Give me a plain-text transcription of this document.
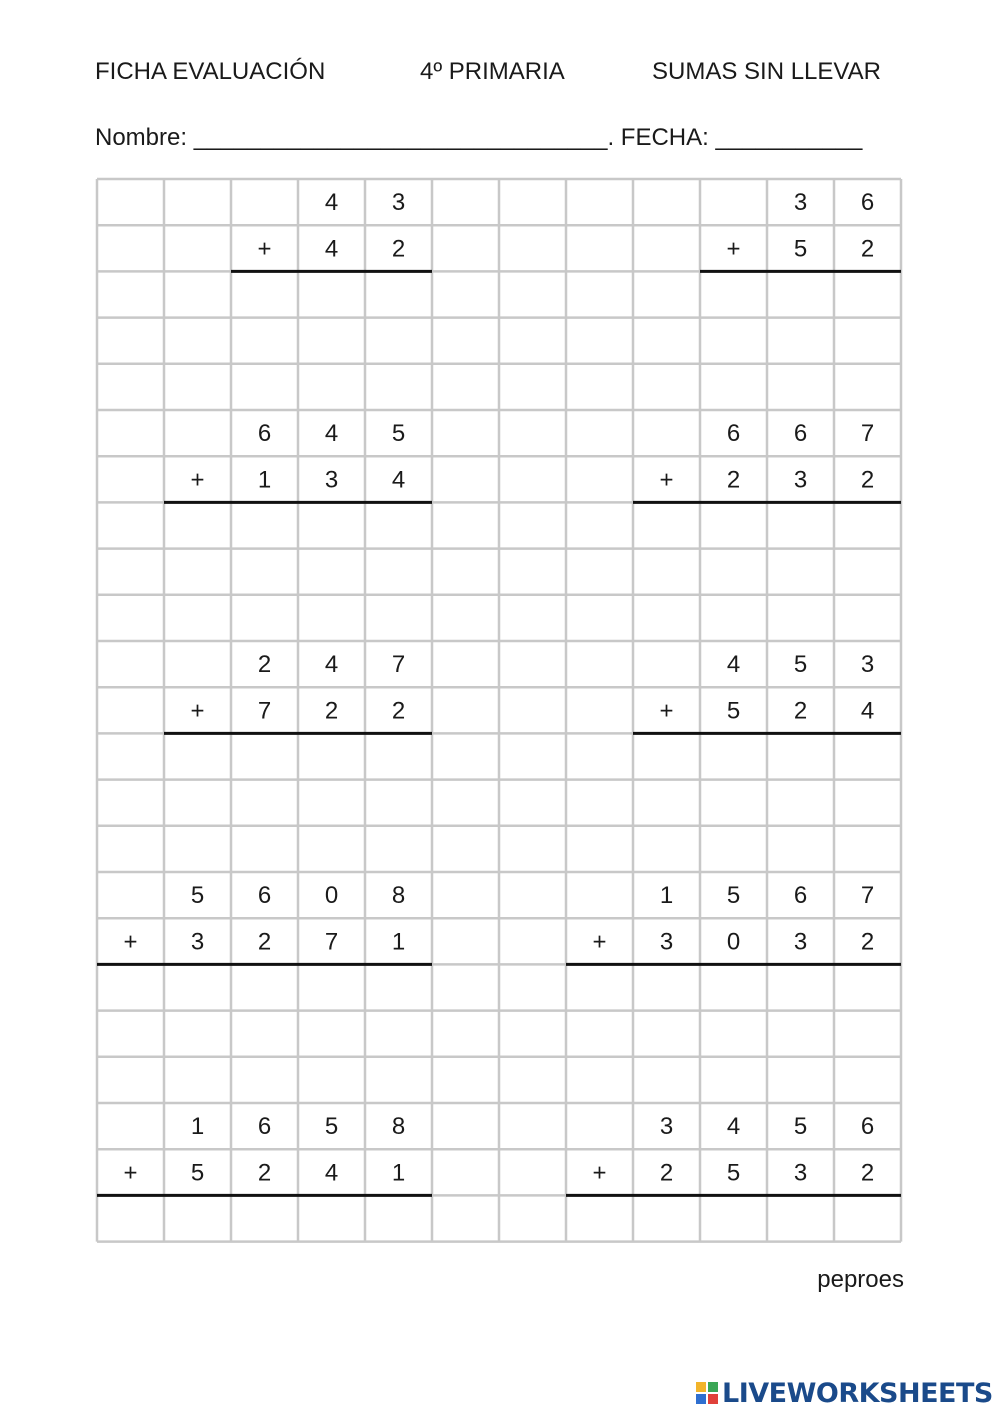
FICHA EVALUACIÓN	4º PRIMARIA	SUMAS SIN LLEVAR
Nombre: _______________________________. FECHA: ___________
4 3
4 2
+
3 6
5 2
+
6 4 5
1 3 4
+
6 6 7
2 3 2
+
2 4 7
7 2 2
+
4 5 3
5 2 4
+
5 6 0 8
3 2 7 1
+
1 5 6 7
3 0 3 2
+
1 6 5 8
5 2 4 1
+
3 4 5 6
2 5 3 2
+
peproes
LIVEWORKSHEETS
